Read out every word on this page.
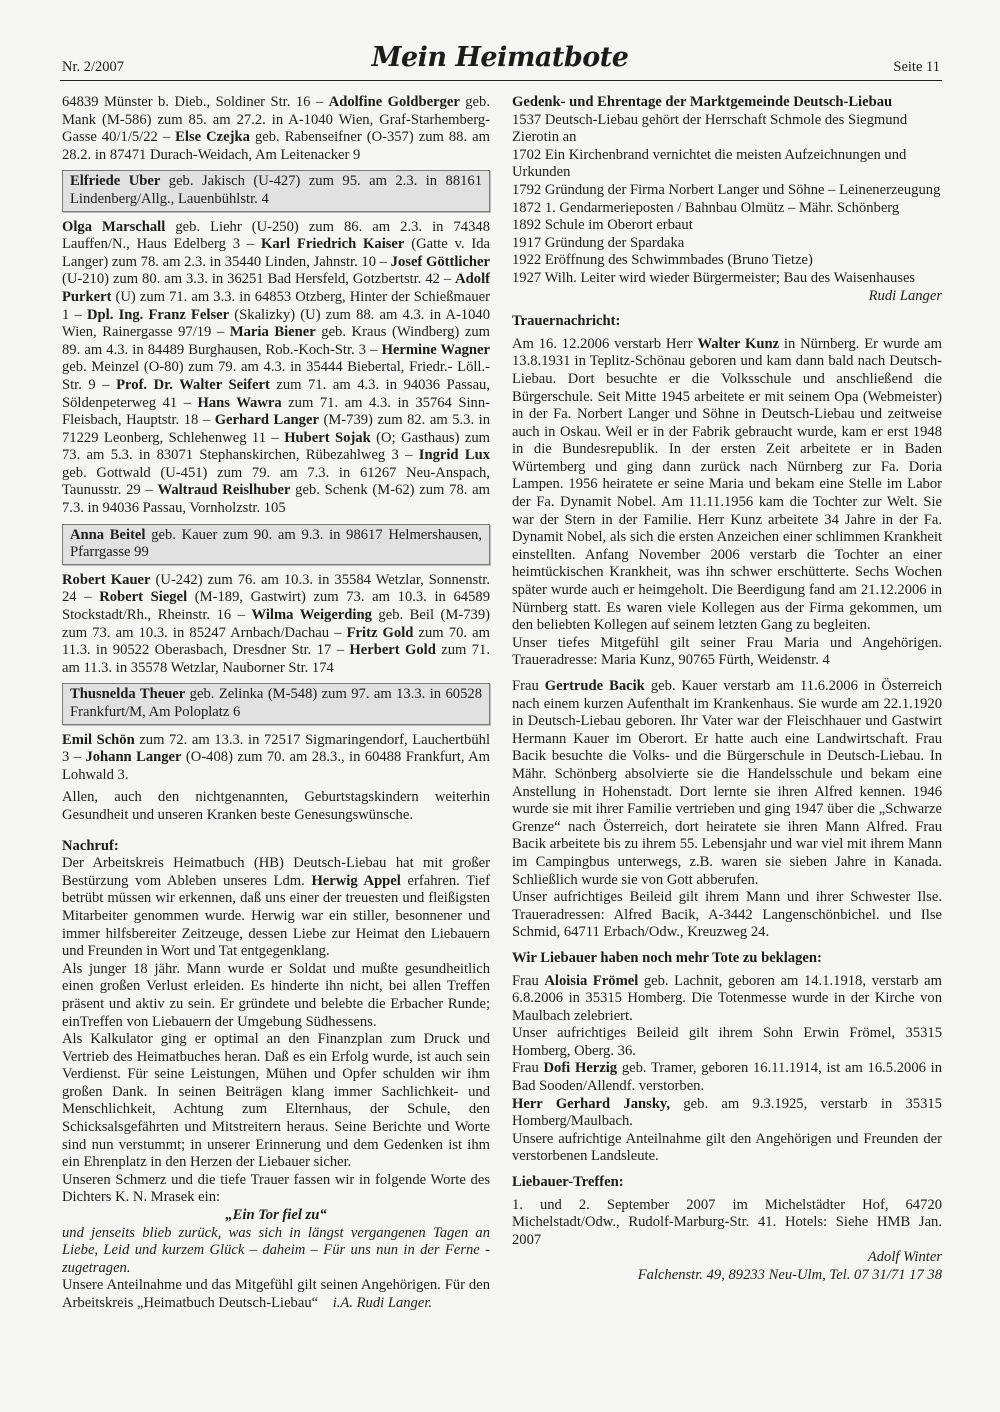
Nr. 2/2007	Mein Heimatbote	Seite 11

64839 Münster b. Dieb., Soldiner Str. 16 – Adolfine Goldberger geb. Mank (M-586) zum 85. am 27.2. in A-1040 Wien, Graf-Starhemberg-Gasse 40/1/5/22 – Else Czejka geb. Rabenseifner (O-357) zum 88. am 28.2. in 87471 Durach-Weidach, Am Leitenacker 9

Elfriede Uber geb. Jakisch (U-427) zum 95. am 2.3. in 88161 Lindenberg/Allg., Lauenbühlstr. 4

Olga Marschall geb. Liehr (U-250) zum 86. am 2.3. in 74348 Lauffen/N., Haus Edelberg 3 – Karl Friedrich Kaiser (Gatte v. Ida Langer) zum 78. am 2.3. in 35440 Linden, Jahnstr. 10 – Josef Göttlicher (U-210) zum 80. am 3.3. in 36251 Bad Hersfeld, Gotzbertstr. 42 – Adolf Purkert (U) zum 71. am 3.3. in 64853 Otzberg, Hinter der Schießmauer 1 – Dpl. Ing. Franz Felser (Skalizky) (U) zum 88. am 4.3. in A-1040 Wien, Rainergasse 97/19 – Maria Biener geb. Kraus (Windberg) zum 89. am 4.3. in 84489 Burghausen, Rob.-Koch-Str. 3 – Hermine Wagner geb. Meinzel (O-80) zum 79. am 4.3. in 35444 Biebertal, Friedr.- Löll.-Str. 9 – Prof. Dr. Walter Seifert zum 71. am 4.3. in 94036 Passau, Söldenpeterweg 41 – Hans Wawra zum 71. am 4.3. in 35764 Sinn-Fleisbach, Hauptstr. 18 – Gerhard Langer (M-739) zum 82. am 5.3. in 71229 Leonberg, Schlehenweg 11 – Hubert Sojak (O; Gasthaus) zum 73. am 5.3. in 83071 Stephanskirchen, Rübezahlweg 3 – Ingrid Lux geb. Gottwald (U-451) zum 79. am 7.3. in 61267 Neu-Anspach, Taunusstr. 29 – Waltraud Reislhuber geb. Schenk (M-62) zum 78. am 7.3. in 94036 Passau, Vornholzstr. 105

Anna Beitel geb. Kauer zum 90. am 9.3. in 98617 Helmershausen, Pfarrgasse 99

Robert Kauer (U-242) zum 76. am 10.3. in 35584 Wetzlar, Sonnenstr. 24 – Robert Siegel (M-189, Gastwirt) zum 73. am 10.3. in 64589 Stockstadt/Rh., Rheinstr. 16 – Wilma Weigerding geb. Beil (M-739) zum 73. am 10.3. in 85247 Arnbach/Dachau – Fritz Gold zum 70. am 11.3. in 90522 Oberasbach, Dresdner Str. 17 – Herbert Gold zum 71. am 11.3. in 35578 Wetzlar, Nauborner Str. 174

Thusnelda Theuer geb. Zelinka (M-548) zum 97. am 13.3. in 60528 Frankfurt/M, Am Poloplatz 6

Emil Schön zum 72. am 13.3. in 72517 Sigmaringendorf, Lauchertbühl 3 – Johann Langer (O-408) zum 70. am 28.3., in 60488 Frankfurt, Am Lohwald 3.

Allen, auch den nichtgenannten, Geburtstagskindern weiterhin Gesundheit und unseren Kranken beste Genesungswünsche.

Nachruf:

Der Arbeitskreis Heimatbuch (HB) Deutsch-Liebau hat mit großer Bestürzung vom Ableben unseres Ldm. Herwig Appel erfahren. Tief betrübt müssen wir erkennen, daß uns einer der treuesten und fleißigsten Mitarbeiter genommen wurde. Herwig war ein stiller, besonnener und immer hilfsbereiter Zeitzeuge, dessen Liebe zur Heimat den Liebauern und Freunden in Wort und Tat entgegenklang.

Als junger 18 jähr. Mann wurde er Soldat und mußte gesundheitlich einen großen Verlust erleiden. Es hinderte ihn nicht, bei allen Treffen präsent und aktiv zu sein. Er gründete und belebte die Erbacher Runde; einTreffen von Liebauern der Umgebung Südhessens.

Als Kalkulator ging er optimal an den Finanzplan zum Druck und Vertrieb des Heimatbuches heran. Daß es ein Erfolg wurde, ist auch sein Verdienst. Für seine Leistungen, Mühen und Opfer schulden wir ihm großen Dank. In seinen Beiträgen klang immer Sachlichkeit- und Menschlichkeit, Achtung zum Elternhaus, der Schule, den Schicksalsgefährten und Mitstreitern heraus. Seine Berichte und Worte sind nun verstummt; in unserer Erinnerung und dem Gedenken ist ihm ein Ehrenplatz in den Herzen der Liebauer sicher.

Unseren Schmerz und die tiefe Trauer fassen wir in folgende Worte des Dichters K. N. Mrasek ein:

„Ein Tor fiel zu“

und jenseits blieb zurück, was sich in längst vergangenen Tagen an Liebe, Leid und kurzem Glück – daheim – Für uns nun in der Ferne - zugetragen.

Unsere Anteilnahme und das Mitgefühl gilt seinen Angehörigen. Für den Arbeitskreis „Heimatbuch Deutsch-Liebau“ i.A. Rudi Langer.

Gedenk- und Ehrentage der Marktgemeinde Deutsch-Liebau

1537 Deutsch-Liebau gehört der Herrschaft Schmole des Siegmund Zierotin an

1702 Ein Kirchenbrand vernichtet die meisten Aufzeichnungen und Urkunden

1792 Gründung der Firma Norbert Langer und Söhne – Leinenerzeugung

1872 1. Gendarmerieposten / Bahnbau Olmütz – Mähr. Schönberg

1892 Schule im Oberort erbaut

1917 Gründung der Spardaka

1922 Eröffnung des Schwimmbades (Bruno Tietze)

1927 Wilh. Leiter wird wieder Bürgermeister; Bau des Waisenhauses

Rudi Langer

Trauernachricht:

Am 16. 12.2006 verstarb Herr Walter Kunz in Nürnberg. Er wurde am 13.8.1931 in Teplitz-Schönau geboren und kam dann bald nach Deutsch-Liebau. Dort besuchte er die Volksschule und anschließend die Bürgerschule. Seit Mitte 1945 arbeitete er mit seinem Opa (Webmeister) in der Fa. Norbert Langer und Söhne in Deutsch-Liebau und zeitweise auch in Oskau. Weil er in der Fabrik gebraucht wurde, kam er erst 1948 in die Bundesrepublik. In der ersten Zeit arbeitete er in Baden Würtemberg und ging dann zurück nach Nürnberg zur Fa. Doria Lampen. 1956 heiratete er seine Maria und bekam eine Stelle im Labor der Fa. Dynamit Nobel. Am 11.11.1956 kam die Tochter zur Welt. Sie war der Stern in der Familie. Herr Kunz arbeitete 34 Jahre in der Fa. Dynamit Nobel, als sich die ersten Anzeichen einer schlimmen Krankheit einstellten. Anfang November 2006 verstarb die Tochter an einer heimtückischen Krankheit, was ihn schwer erschütterte. Sechs Wochen später wurde auch er heimgeholt. Die Beerdigung fand am 21.12.2006 in Nürnberg statt. Es waren viele Kollegen aus der Firma gekommen, um den beliebten Kollegen auf seinem letzten Gang zu begleiten.

Unser tiefes Mitgefühl gilt seiner Frau Maria und Angehörigen. Traueradresse: Maria Kunz, 90765 Fürth, Weidenstr. 4

Frau Gertrude Bacik geb. Kauer verstarb am 11.6.2006 in Österreich nach einem kurzen Aufenthalt im Krankenhaus. Sie wurde am 22.1.1920 in Deutsch-Liebau geboren. Ihr Vater war der Fleischhauer und Gastwirt Hermann Kauer im Oberort. Er hatte auch eine Landwirtschaft. Frau Bacik besuchte die Volks- und die Bürgerschule in Deutsch-Liebau. In Mähr. Schönberg absolvierte sie die Handelsschule und bekam eine Anstellung in Hohenstadt. Dort lernte sie ihren Alfred kennen. 1946 wurde sie mit ihrer Familie vertrieben und ging 1947 über die „Schwarze Grenze“ nach Österreich, dort heiratete sie ihren Mann Alfred. Frau Bacik arbeitete bis zu ihrem 55. Lebensjahr und war viel mit ihrem Mann im Campingbus unterwegs, z.B. waren sie sieben Jahre in Kanada. Schließlich wurde sie von Gott abberufen.

Unser aufrichtiges Beileid gilt ihrem Mann und ihrer Schwester Ilse. Traueradressen: Alfred Bacik, A-3442 Langenschönbichel. und Ilse Schmid, 64711 Erbach/Odw., Kreuzweg 24.

Wir Liebauer haben noch mehr Tote zu beklagen:

Frau Aloisia Frömel geb. Lachnit, geboren am 14.1.1918, verstarb am 6.8.2006 in 35315 Homberg. Die Totenmesse wurde in der Kirche von Maulbach zelebriert.

Unser aufrichtiges Beileid gilt ihrem Sohn Erwin Frömel, 35315 Homberg, Oberg. 36.

Frau Dofi Herzig geb. Tramer, geboren 16.11.1914, ist am 16.5.2006 in Bad Sooden/Allendf. verstorben.

Herr Gerhard Jansky, geb. am 9.3.1925, verstarb in 35315 Homberg/Maulbach.

Unsere aufrichtige Anteilnahme gilt den Angehörigen und Freunden der verstorbenen Landsleute.

Liebauer-Treffen:

1. und 2. September 2007 im Michelstädter Hof, 64720 Michelstadt/Odw., Rudolf-Marburg-Str. 41. Hotels: Siehe HMB Jan. 2007

Adolf Winter

Falchenstr. 49, 89233 Neu-Ulm, Tel. 07 31/71 17 38
